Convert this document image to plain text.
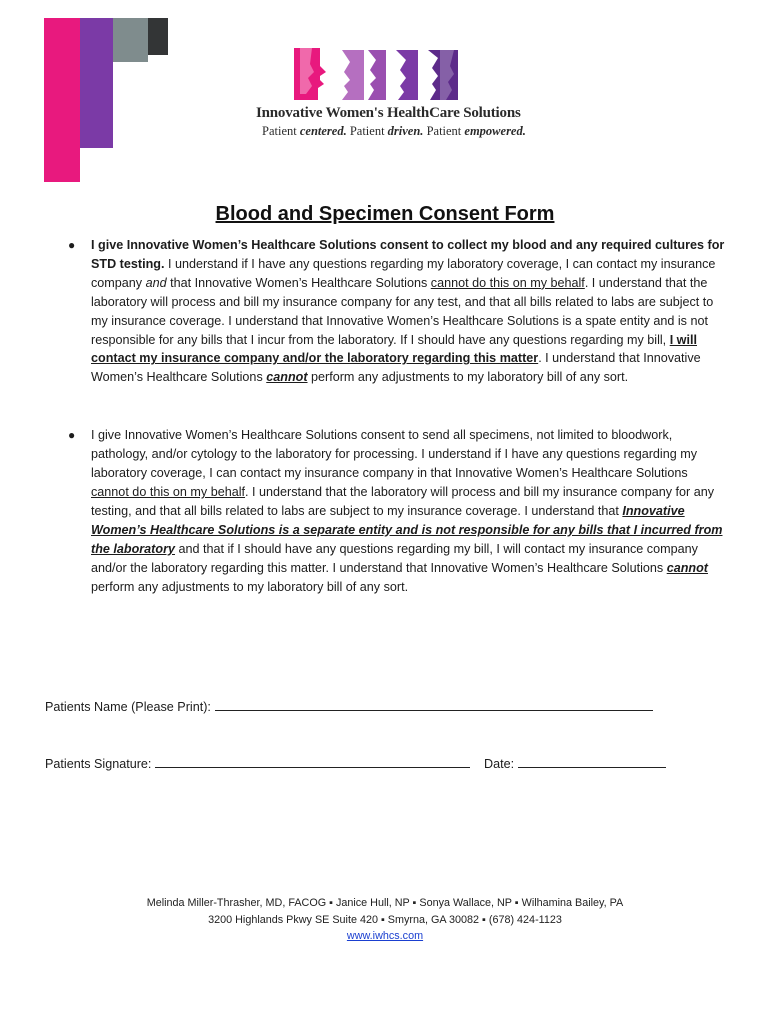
Innovative Women's HealthCare Solutions
Patient centered. Patient driven. Patient empowered.
Blood and Specimen Consent Form
● I give Innovative Women’s Healthcare Solutions consent to collect my blood and any required cultures for STD testing. I understand if I have any questions regarding my laboratory coverage, I can contact my insurance company and that Innovative Women’s Healthcare Solutions cannot do this on my behalf. I understand that the laboratory will process and bill my insurance company for any test, and that all bills related to labs are subject to my insurance coverage. I understand that Innovative Women’s Healthcare Solutions is a spate entity and is not responsible for any bills that I incur from the laboratory. If I should have any questions regarding my bill, I will contact my insurance company and/or the laboratory regarding this matter. I understand that Innovative Women’s Healthcare Solutions cannot perform any adjustments to my laboratory bill of any sort.
● I give Innovative Women’s Healthcare Solutions consent to send all specimens, not limited to bloodwork, pathology, and/or cytology to the laboratory for processing. I understand if I have any questions regarding my laboratory coverage, I can contact my insurance company in that Innovative Women’s Healthcare Solutions cannot do this on my behalf. I understand that the laboratory will process and bill my insurance company for any testing, and that all bills related to labs are subject to my insurance coverage. I understand that Innovative Women’s Healthcare Solutions is a separate entity and is not responsible for any bills that I incurred from the laboratory and that if I should have any questions regarding my bill, I will contact my insurance company and/or the laboratory regarding this matter. I understand that Innovative Women’s Healthcare Solutions cannot perform any adjustments to my laboratory bill of any sort.
Patients Name (Please Print):
Patients Signature:	Date:
Melinda Miller-Thrasher, MD, FACOG ▪ Janice Hull, NP ▪ Sonya Wallace, NP ▪ Wilhamina Bailey, PA
3200 Highlands Pkwy SE Suite 420 ▪ Smyrna, GA 30082 ▪ (678) 424-1123
www.iwhcs.com
